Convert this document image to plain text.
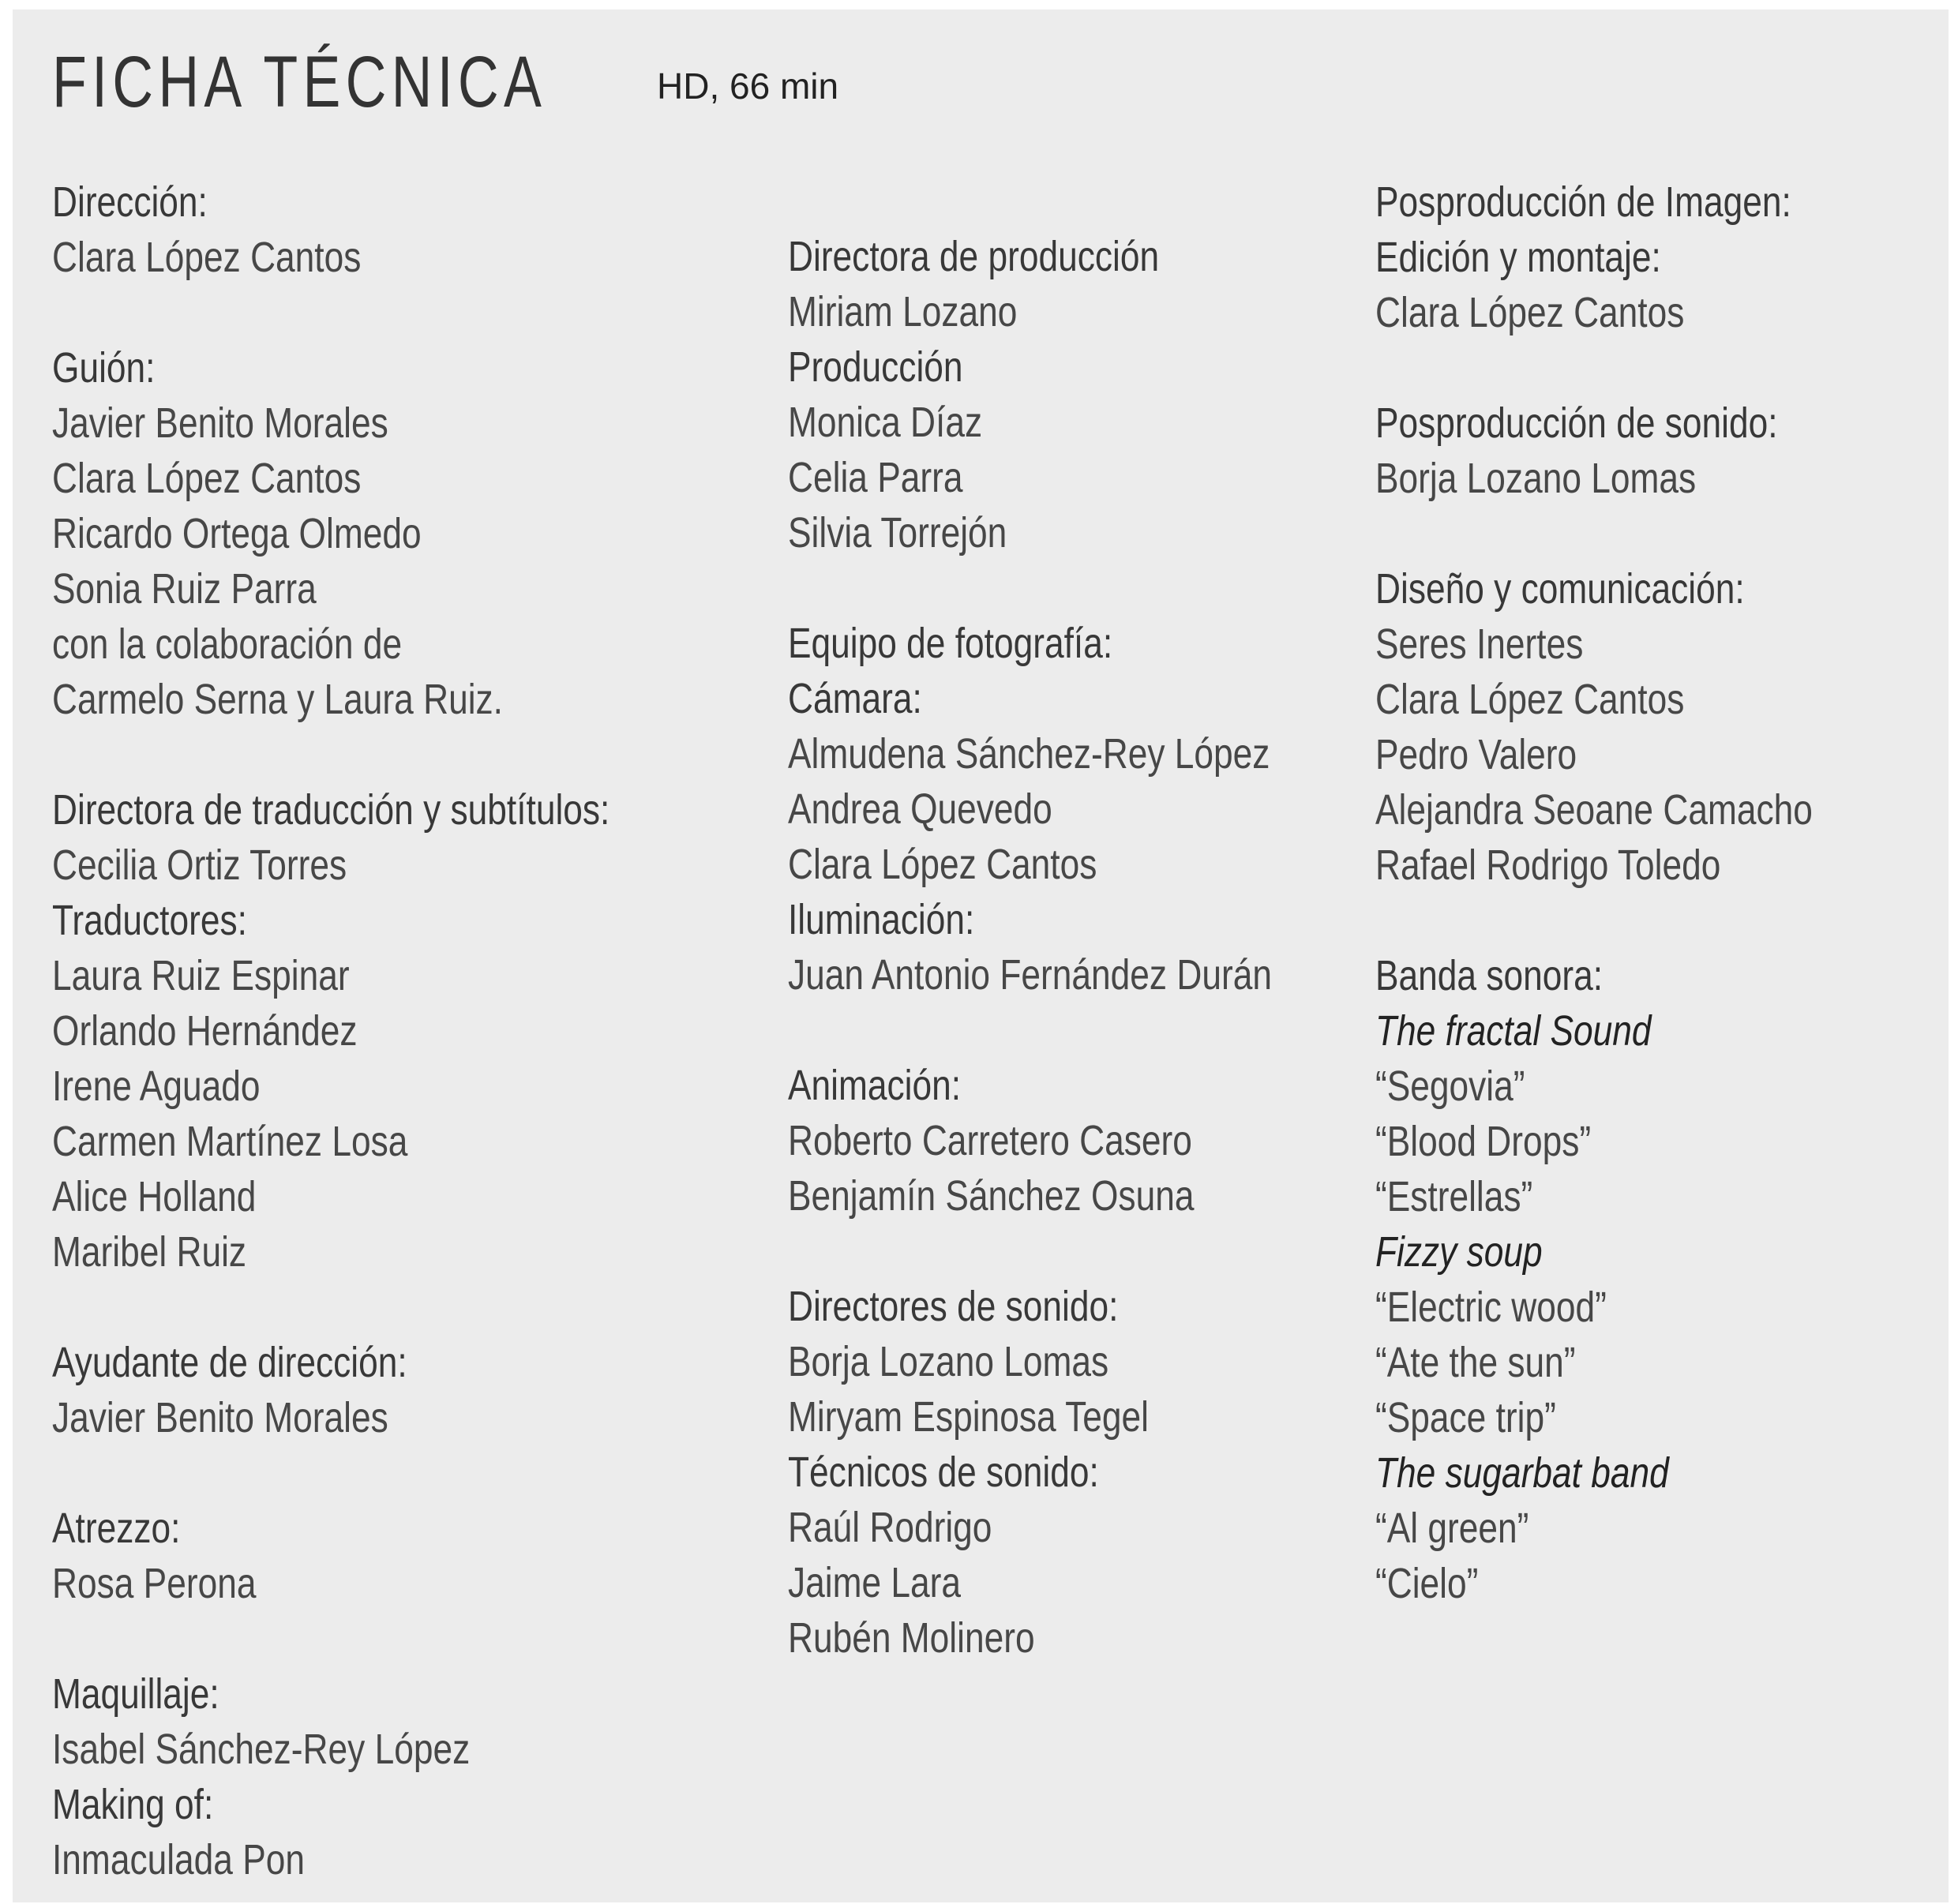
FICHA TÉCNICA	HD, 66 min
Dirección:
Clara López Cantos
Guión:
Javier Benito Morales
Clara López Cantos
Ricardo Ortega Olmedo
Sonia Ruiz Parra
con la colaboración de
Carmelo Serna y Laura Ruiz.
Directora de traducción y subtítulos:
Cecilia Ortiz Torres
Traductores:
Laura Ruiz Espinar
Orlando Hernández
Irene Aguado
Carmen Martínez Losa
Alice Holland
Maribel Ruiz
Ayudante de dirección:
Javier Benito Morales
Atrezzo:
Rosa Perona
Maquillaje:
Isabel Sánchez-Rey López
Making of:
Inmaculada Pon
Directora de producción
Miriam Lozano
Producción
Monica Díaz
Celia Parra
Silvia Torrejón
Equipo de fotografía:
Cámara:
Almudena Sánchez-Rey López
Andrea Quevedo
Clara López Cantos
Iluminación:
Juan Antonio Fernández Durán
Animación:
Roberto Carretero Casero
Benjamín Sánchez Osuna
Directores de sonido:
Borja Lozano Lomas
Miryam Espinosa Tegel
Técnicos de sonido:
Raúl Rodrigo
Jaime Lara
Rubén Molinero
Posproducción de Imagen:
Edición y montaje:
Clara López Cantos
Posproducción de sonido:
Borja Lozano Lomas
Diseño y comunicación:
Seres Inertes
Clara López Cantos
Pedro Valero
Alejandra Seoane Camacho
Rafael Rodrigo Toledo
Banda sonora:
The fractal Sound
“Segovia”
“Blood Drops”
“Estrellas”
Fizzy soup
“Electric wood”
“Ate the sun”
“Space trip”
The sugarbat band
“Al green”
“Cielo”
